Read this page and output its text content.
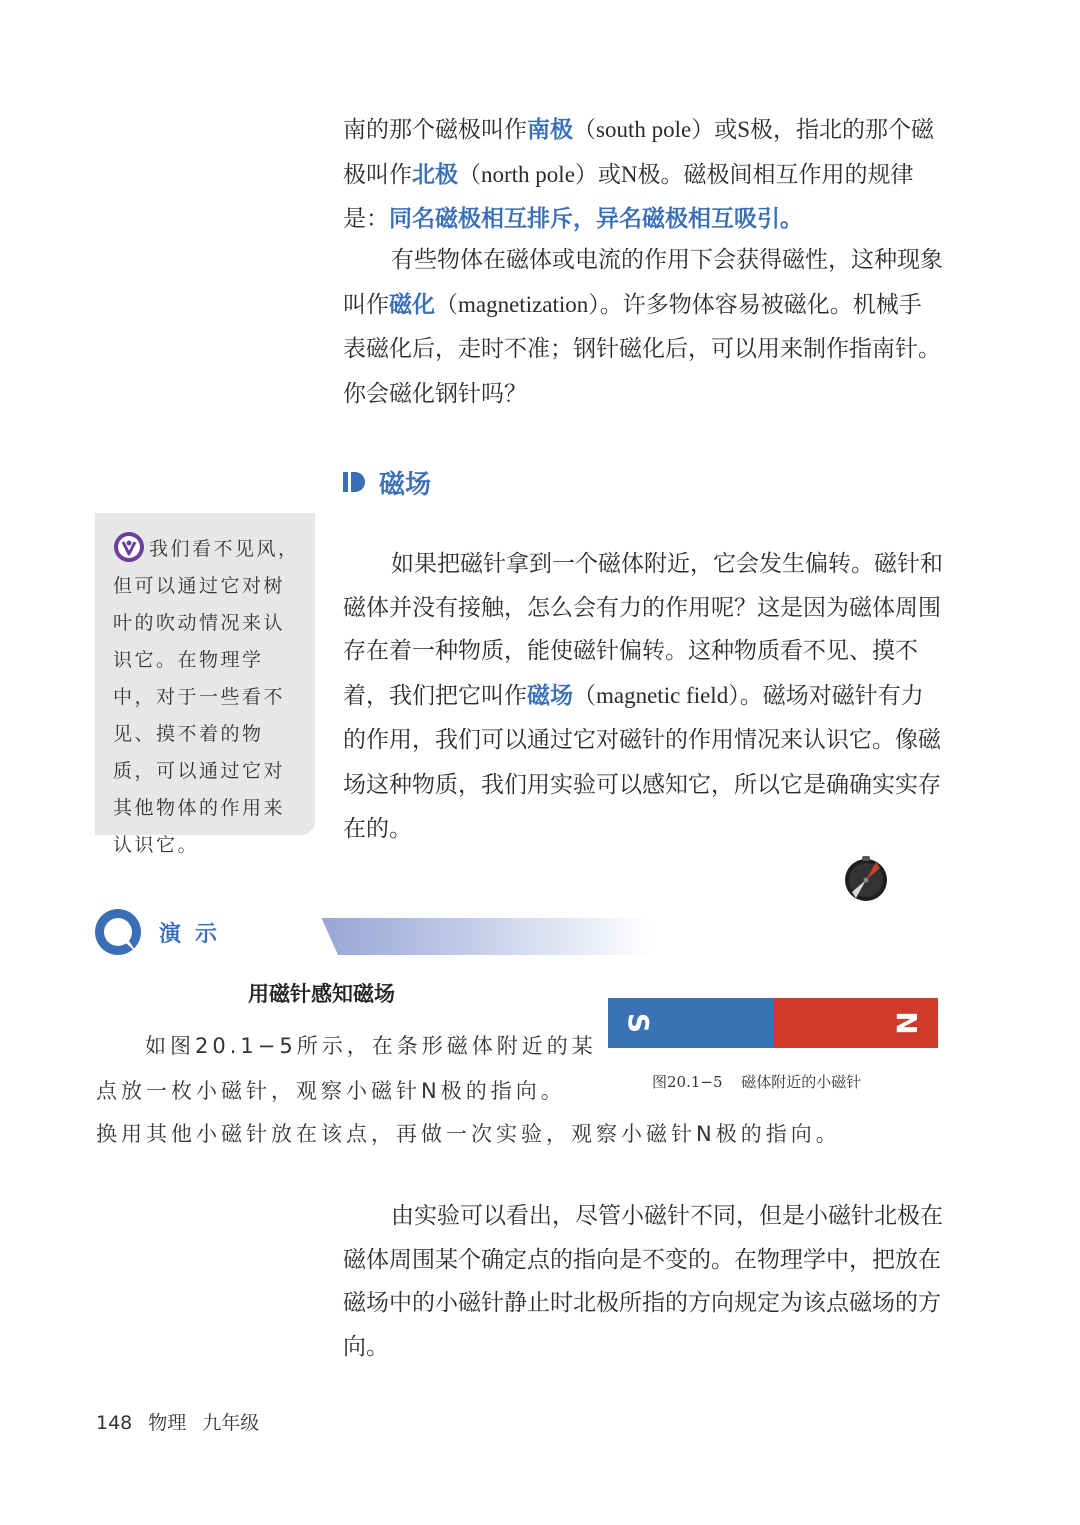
南的那个磁极叫作南极（south pole）或S极，指北的那个磁极叫作北极（north pole）或N极。磁极间相互作用的规律是：同名磁极相互排斥，异名磁极相互吸引。

有些物体在磁体或电流的作用下会获得磁性，这种现象叫作磁化（magnetization）。许多物体容易被磁化。机械手表磁化后，走时不准；钢针磁化后，可以用来制作指南针。你会磁化钢针吗？

磁场
我们看不见风，但可以通过它对树叶的吹动情况来认识它。在物理学中，对于一些看不见、摸不着的物质，可以通过它对其他物体的作用来认识它。

如果把磁针拿到一个磁体附近，它会发生偏转。磁针和磁体并没有接触，怎么会有力的作用呢？这是因为磁体周围存在着一种物质，能使磁针偏转。这种物质看不见、摸不着，我们把它叫作磁场（magnetic field）。磁场对磁针有力的作用，我们可以通过它对磁针的作用情况来认识它。像磁场这种物质，我们用实验可以感知它，所以它是确确实实存在的。

演示
用磁针感知磁场
如图20.1−5所示，在条形磁体附近的某
点放一枚小磁针，观察小磁针N极的指向。
换用其他小磁针放在该点，再做一次实验，观察小磁针N极的指向。
S	N
图20.1−5 磁体附近的小磁针

由实验可以看出，尽管小磁针不同，但是小磁针北极在磁体周围某个确定点的指向是不变的。在物理学中，把放在磁场中的小磁针静止时北极所指的方向规定为该点磁场的方向。

148 物理 九年级
